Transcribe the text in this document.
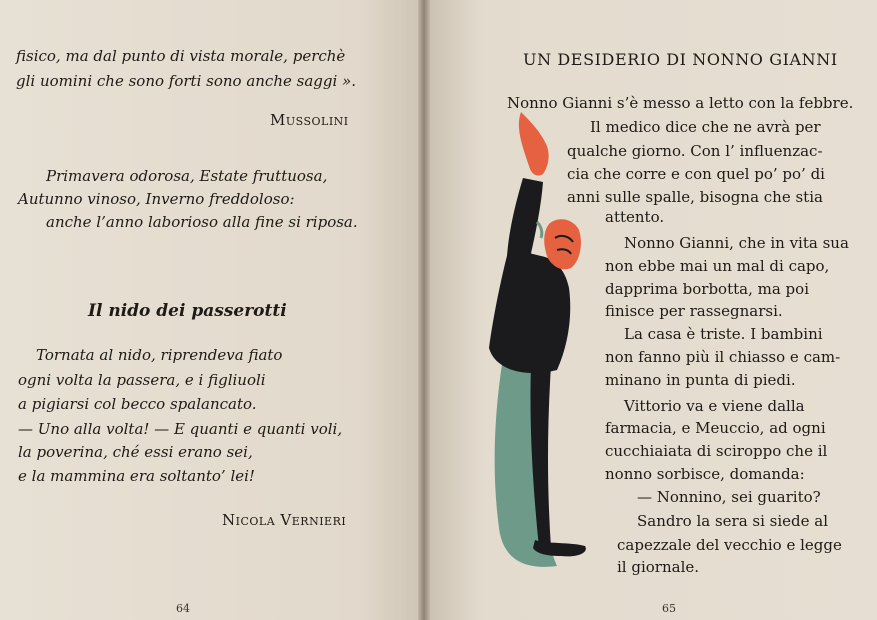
fisico, ma dal punto di vista morale, perchè
gli uomini che sono forti sono anche saggi ».
Mussolini
Primavera odorosa, Estate fruttuosa,
Autunno vinoso, Inverno freddoloso:
anche l’anno laborioso alla fine si riposa.
Il nido dei passerotti
Tornata al nido, riprendeva fiato
ogni volta la passera, e i figliuoli
a pigiarsi col becco spalancato.
— Uno alla volta! — E quanti e quanti voli,
la poverina, ché essi erano sei,
e la mammina era soltanto’ lei!
Nicola Vernieri
64
UN DESIDERIO DI NONNO GIANNI
Nonno Gianni s’è messo a letto con la febbre.
Il medico dice che ne avrà per
qualche giorno. Con l’ influenzac-
cia che corre e con quel po’ po’ di
anni sulle spalle, bisogna che stia
attento.
Nonno Gianni, che in vita sua
non ebbe mai un mal di capo,
dapprima borbotta, ma poi
finisce per rassegnarsi.
La casa è triste. I bambini
non fanno più il chiasso e cam-
minano in punta di piedi.
Vittorio va e viene dalla
farmacia, e Meuccio, ad ogni
cucchiaiata di sciroppo che il
nonno sorbisce, domanda:
— Nonnino, sei guarito?
Sandro la sera si siede al
capezzale del vecchio e legge
il giornale.
65
